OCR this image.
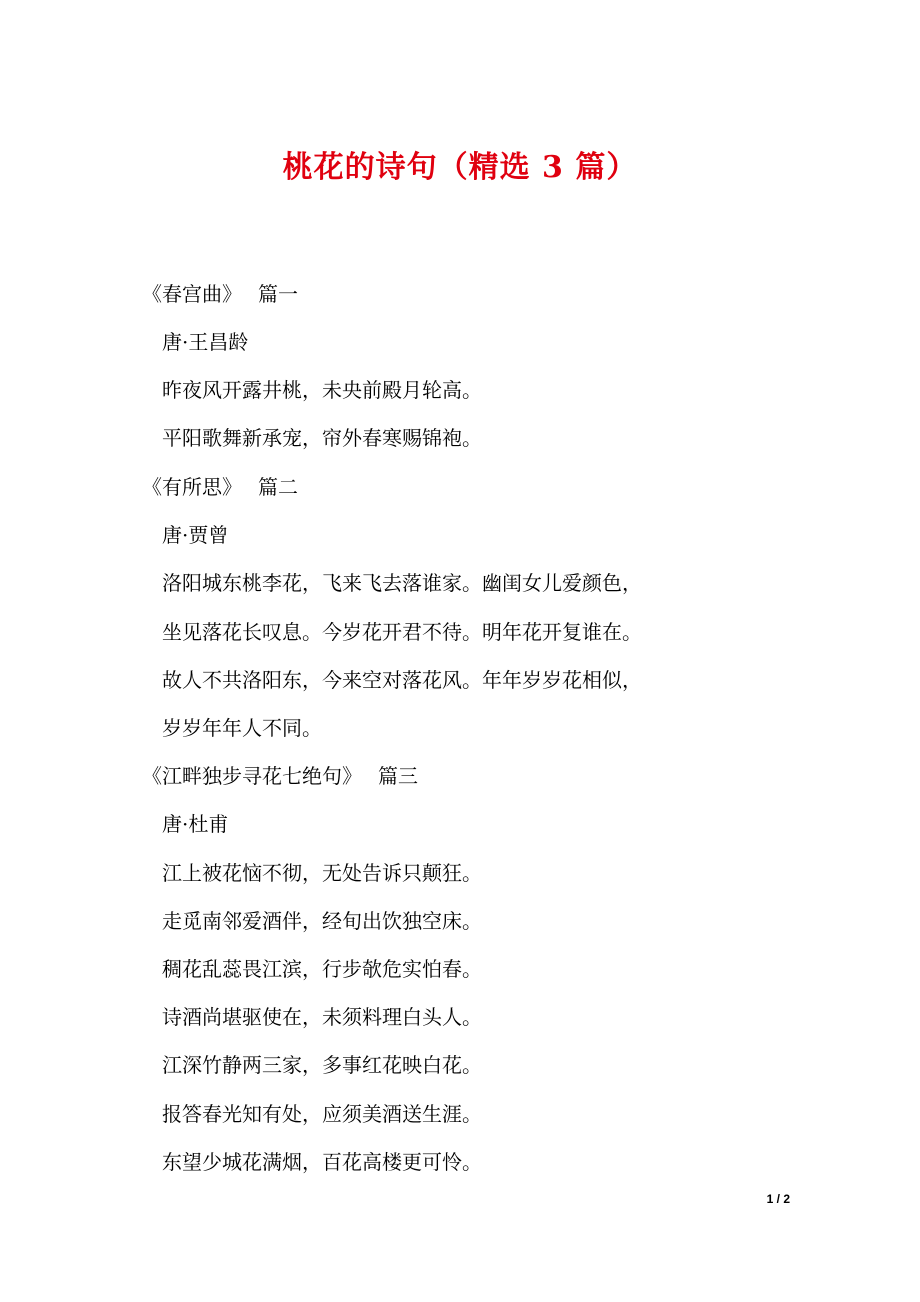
桃花的诗句（精选 3 篇）
《春宫曲》 篇一
唐·王昌龄
昨夜风开露井桃，未央前殿月轮高。
平阳歌舞新承宠，帘外春寒赐锦袍。
《有所思》 篇二
唐·贾曾
洛阳城东桃李花，飞来飞去落谁家。幽闺女儿爱颜色，
坐见落花长叹息。今岁花开君不待。明年花开复谁在。
故人不共洛阳东，今来空对落花风。年年岁岁花相似，
岁岁年年人不同。
《江畔独步寻花七绝句》 篇三
唐·杜甫
江上被花恼不彻，无处告诉只颠狂。
走觅南邻爱酒伴，经旬出饮独空床。
稠花乱蕊畏江滨，行步欹危实怕春。
诗酒尚堪驱使在，未须料理白头人。
江深竹静两三家，多事红花映白花。
报答春光知有处，应须美酒送生涯。
东望少城花满烟，百花高楼更可怜。
1 / 2
